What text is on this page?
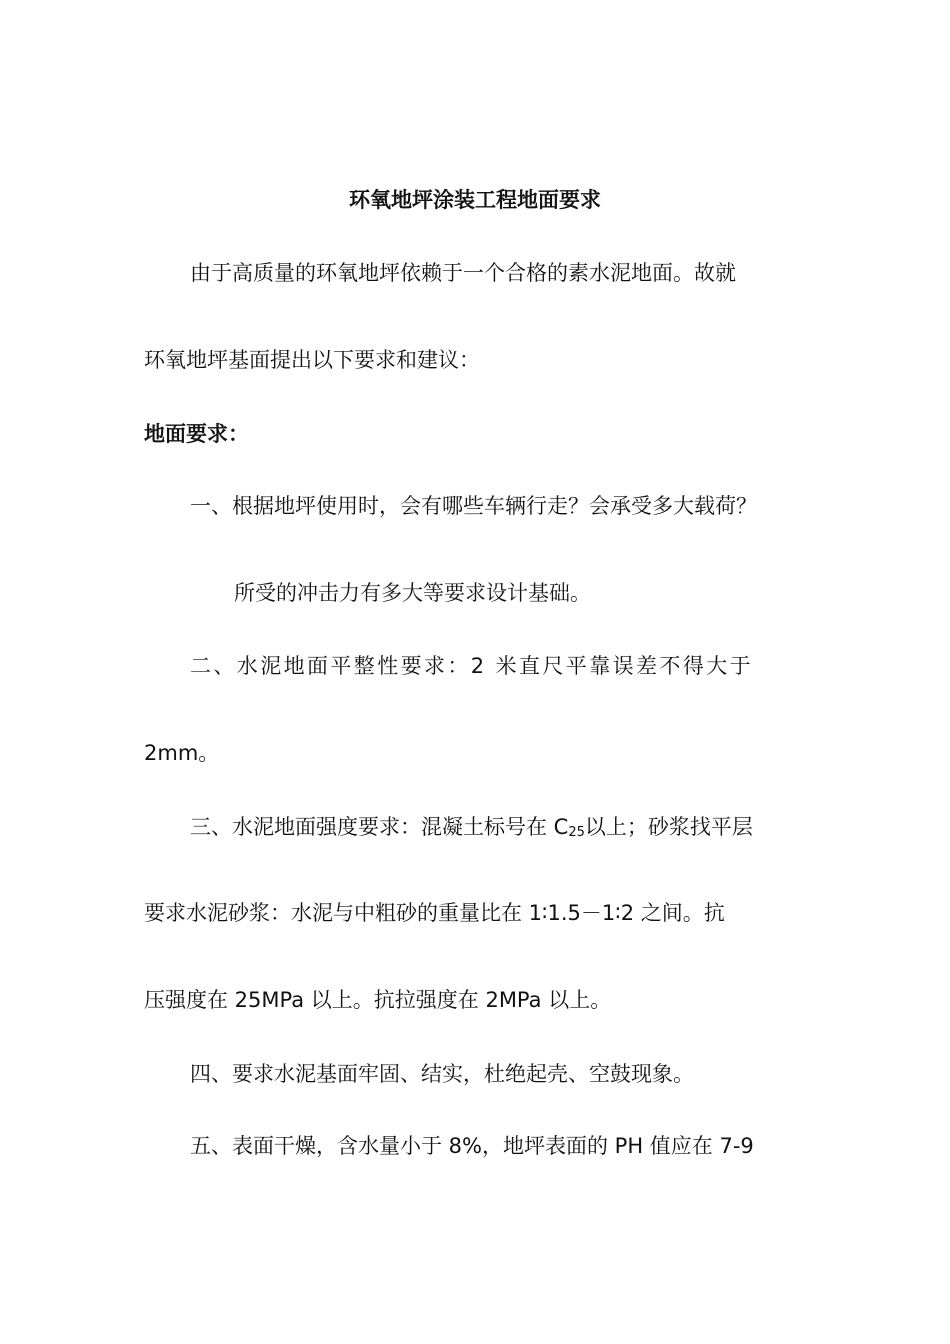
环氧地坪涂装工程地面要求
由于高质量的环氧地坪依赖于一个合格的素水泥地面。故就
环氧地坪基面提出以下要求和建议：
地面要求：
一、根据地坪使用时，会有哪些车辆行走？会承受多大载荷？
所受的冲击力有多大等要求设计基础。
二、水泥地面平整性要求：2 米直尺平靠误差不得大于
2mm。
三、水泥地面强度要求：混凝土标号在 C25以上；砂浆找平层
要求水泥砂浆：水泥与中粗砂的重量比在 1∶1.5－1∶2 之间。抗
压强度在 25MPa 以上。抗拉强度在 2MPa 以上。
四、要求水泥基面牢固、结实，杜绝起壳、空鼓现象。
五、表面干燥，含水量小于 8%，地坪表面的 PH 值应在 7-9
